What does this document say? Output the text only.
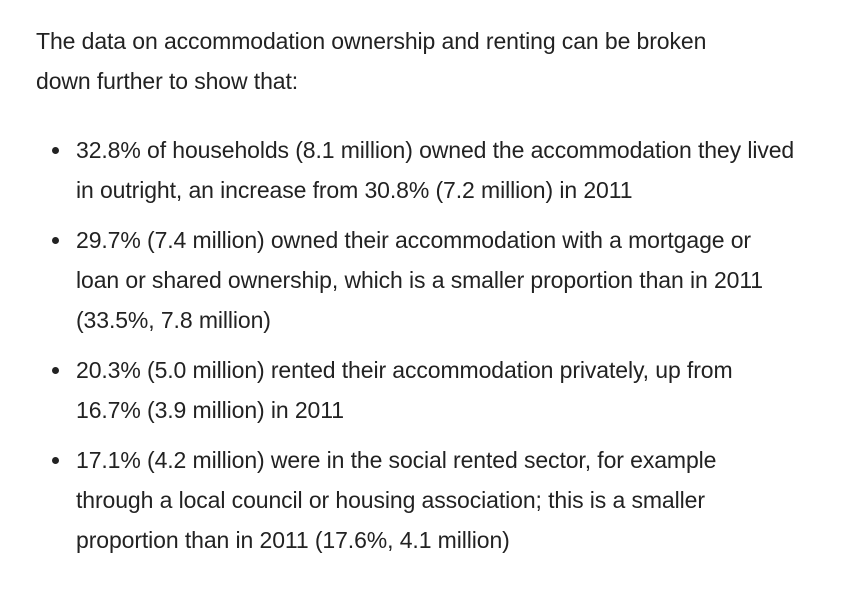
The data on accommodation ownership and renting can be broken down further to show that:

32.8% of households (8.1 million) owned the accommodation they lived in outright, an increase from 30.8% (7.2 million) in 2011
29.7% (7.4 million) owned their accommodation with a mortgage or loan or shared ownership, which is a smaller proportion than in 2011 (33.5%, 7.8 million)
20.3% (5.0 million) rented their accommodation privately, up from 16.7% (3.9 million) in 2011
17.1% (4.2 million) were in the social rented sector, for example through a local council or housing association; this is a smaller proportion than in 2011 (17.6%, 4.1 million)
